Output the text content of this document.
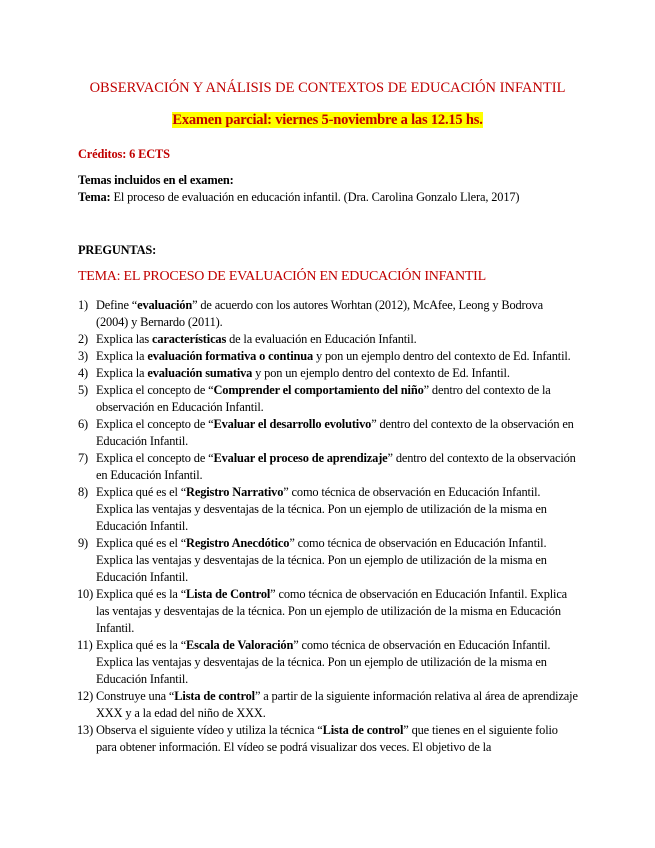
OBSERVACIÓN Y ANÁLISIS DE CONTEXTOS DE EDUCACIÓN INFANTIL
Examen parcial: viernes 5-noviembre a las 12.15 hs.
Créditos: 6 ECTS
Temas incluidos en el examen:
Tema: El proceso de evaluación en educación infantil. (Dra. Carolina Gonzalo Llera, 2017)
PREGUNTAS:
TEMA: EL PROCESO DE EVALUACIÓN EN EDUCACIÓN INFANTIL
1) Define “evaluación” de acuerdo con los autores Worhtan (2012), McAfee, Leong y Bodrova (2004) y Bernardo (2011).
2) Explica las características de la evaluación en Educación Infantil.
3) Explica la evaluación formativa o continua y pon un ejemplo dentro del contexto de Ed. Infantil.
4) Explica la evaluación sumativa y pon un ejemplo dentro del contexto de Ed. Infantil.
5) Explica el concepto de “Comprender el comportamiento del niño” dentro del contexto de la observación en Educación Infantil.
6) Explica el concepto de “Evaluar el desarrollo evolutivo” dentro del contexto de la observación en Educación Infantil.
7) Explica el concepto de “Evaluar el proceso de aprendizaje” dentro del contexto de la observación en Educación Infantil.
8) Explica qué es el “Registro Narrativo” como técnica de observación en Educación Infantil. Explica las ventajas y desventajas de la técnica. Pon un ejemplo de utilización de la misma en Educación Infantil.
9) Explica qué es el “Registro Anecdótico” como técnica de observación en Educación Infantil. Explica las ventajas y desventajas de la técnica. Pon un ejemplo de utilización de la misma en Educación Infantil.
10) Explica qué es la “Lista de Control” como técnica de observación en Educación Infantil. Explica las ventajas y desventajas de la técnica. Pon un ejemplo de utilización de la misma en Educación Infantil.
11) Explica qué es la “Escala de Valoración” como técnica de observación en Educación Infantil. Explica las ventajas y desventajas de la técnica. Pon un ejemplo de utilización de la misma en Educación Infantil.
12) Construye una “Lista de control” a partir de la siguiente información relativa al área de aprendizaje XXX y a la edad del niño de XXX.
13) Observa el siguiente vídeo y utiliza la técnica “Lista de control” que tienes en el siguiente folio para obtener información. El vídeo se podrá visualizar dos veces. El objetivo de la
